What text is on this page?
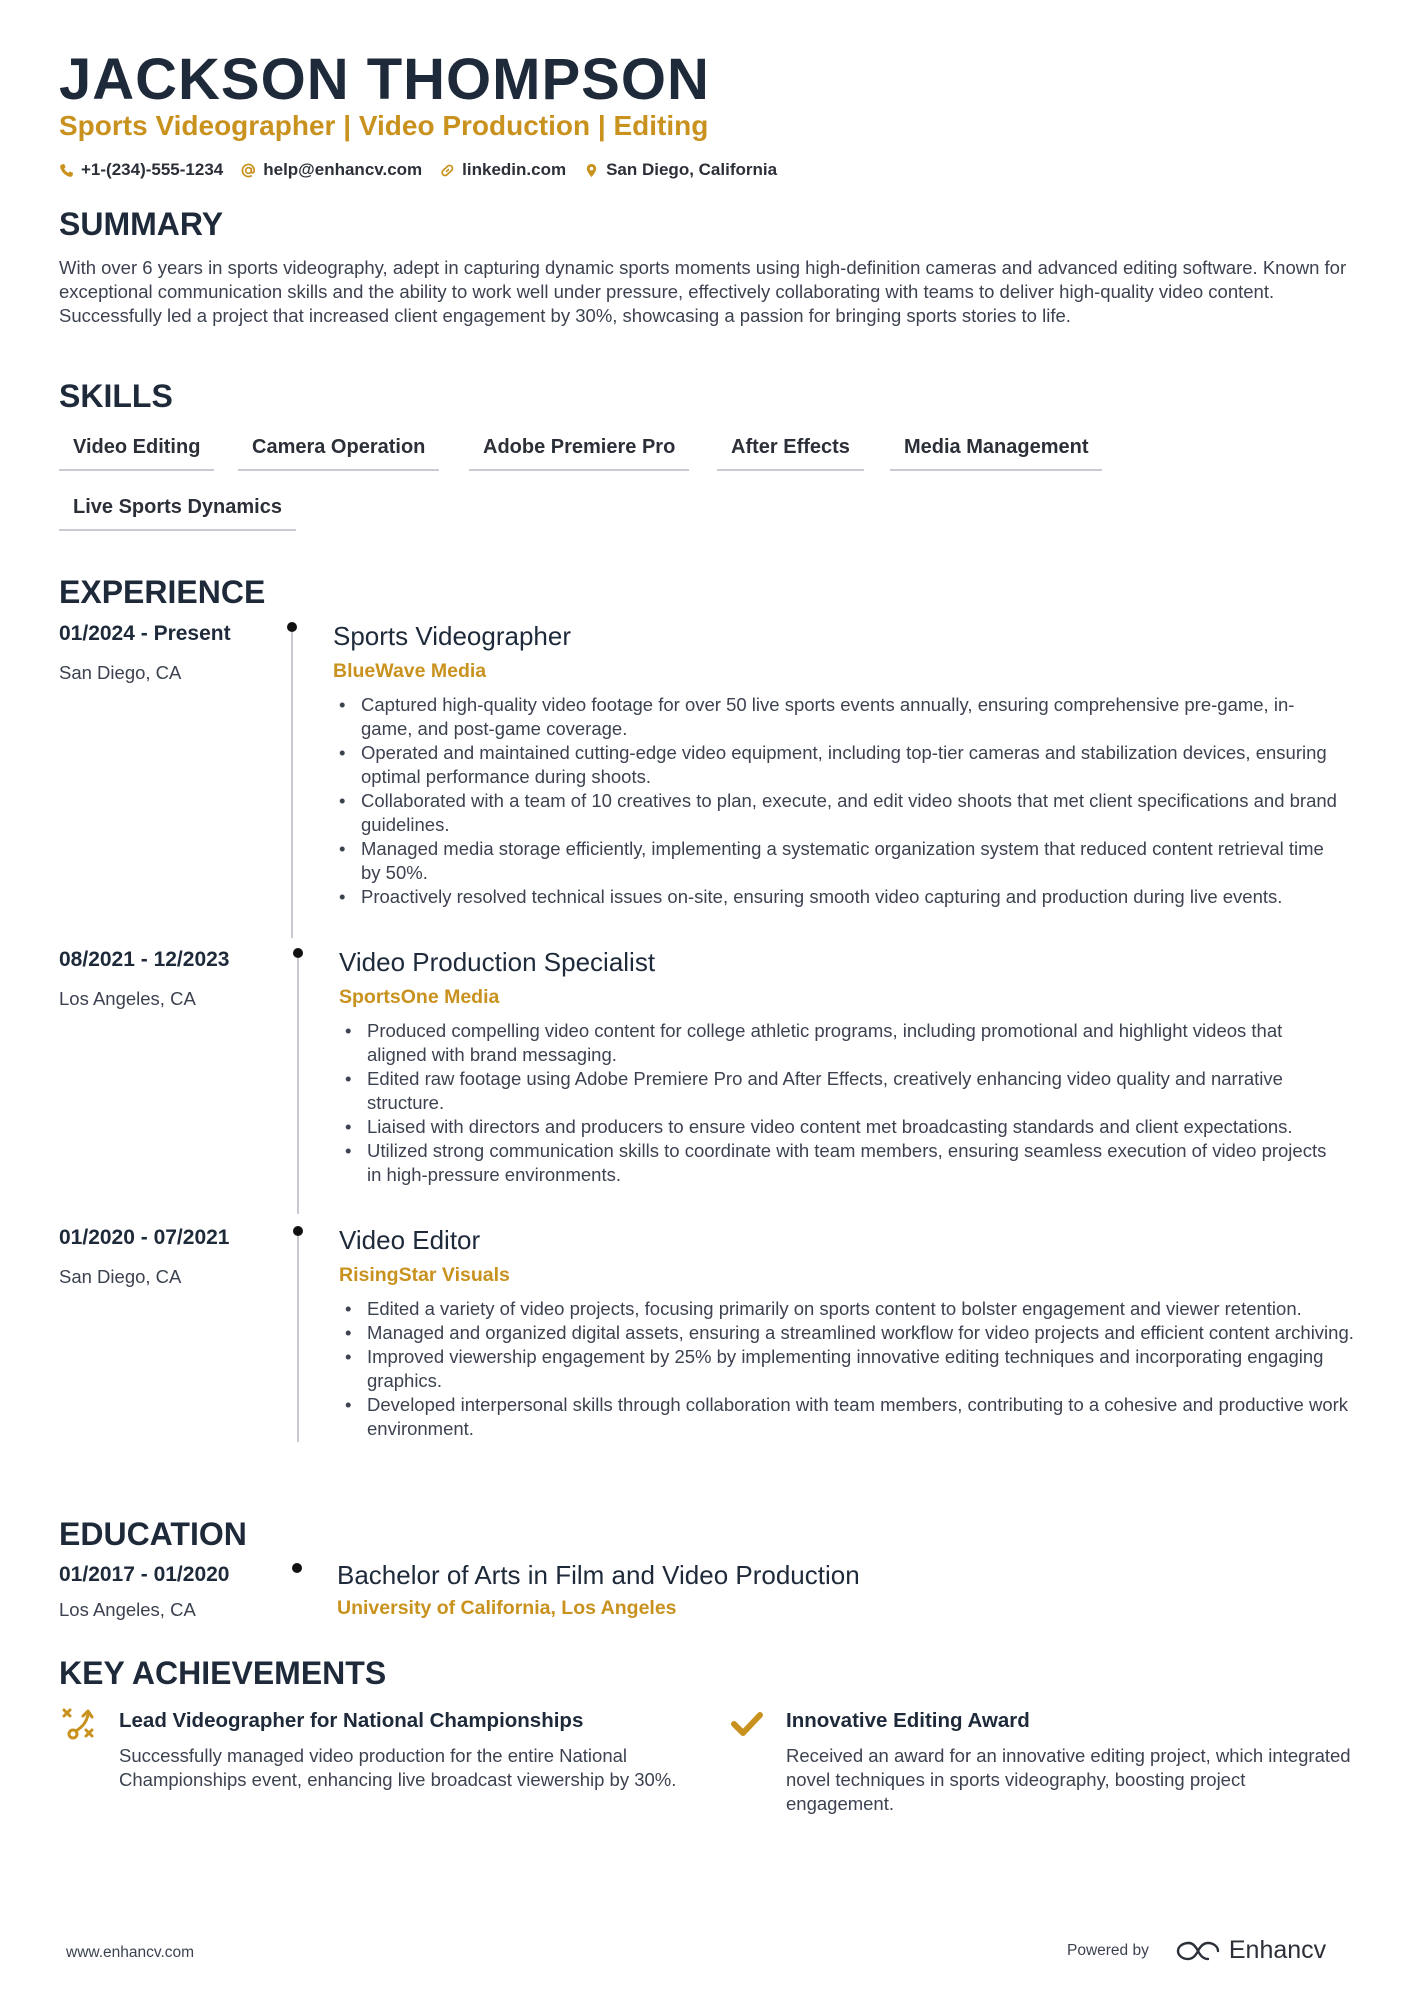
JACKSON THOMPSON
Sports Videographer | Video Production | Editing
+1-(234)-555-1234 help@enhancv.com linkedin.com San Diego, California
SUMMARY

With over 6 years in sports videography, adept in capturing dynamic sports moments using high-definition cameras and advanced editing software. Known for exceptional communication skills and the ability to work well under pressure, effectively collaborating with teams to deliver high-quality video content. Successfully led a project that increased client engagement by 30%, showcasing a passion for bringing sports stories to life.

SKILLS
Video Editing	Camera Operation	Adobe Premiere Pro	After Effects	Media Management
Live Sports Dynamics
EXPERIENCE
01/2024 - Present
San Diego, CA
Sports Videographer
BlueWave Media
• Captured high-quality video footage for over 50 live sports events annually, ensuring comprehensive pre-game, in-game, and post-game coverage.
• Operated and maintained cutting-edge video equipment, including top-tier cameras and stabilization devices, ensuring optimal performance during shoots.
• Collaborated with a team of 10 creatives to plan, execute, and edit video shoots that met client specifications and brand guidelines.
• Managed media storage efficiently, implementing a systematic organization system that reduced content retrieval time by 50%.
• Proactively resolved technical issues on-site, ensuring smooth video capturing and production during live events.
08/2021 - 12/2023
Los Angeles, CA
Video Production Specialist
SportsOne Media
• Produced compelling video content for college athletic programs, including promotional and highlight videos that aligned with brand messaging.
• Edited raw footage using Adobe Premiere Pro and After Effects, creatively enhancing video quality and narrative structure.
• Liaised with directors and producers to ensure video content met broadcasting standards and client expectations.
• Utilized strong communication skills to coordinate with team members, ensuring seamless execution of video projects in high-pressure environments.
01/2020 - 07/2021
San Diego, CA
Video Editor
RisingStar Visuals
• Edited a variety of video projects, focusing primarily on sports content to bolster engagement and viewer retention.
• Managed and organized digital assets, ensuring a streamlined workflow for video projects and efficient content archiving.
• Improved viewership engagement by 25% by implementing innovative editing techniques and incorporating engaging graphics.
• Developed interpersonal skills through collaboration with team members, contributing to a cohesive and productive work environment.
EDUCATION
01/2017 - 01/2020
Los Angeles, CA
Bachelor of Arts in Film and Video Production
University of California, Los Angeles
KEY ACHIEVEMENTS
Lead Videographer for National Championships

Successfully managed video production for the entire National Championships event, enhancing live broadcast viewership by 30%.

Innovative Editing Award

Received an award for an innovative editing project, which integrated novel techniques in sports videography, boosting project engagement.

www.enhancv.com	Powered by	Enhancv
